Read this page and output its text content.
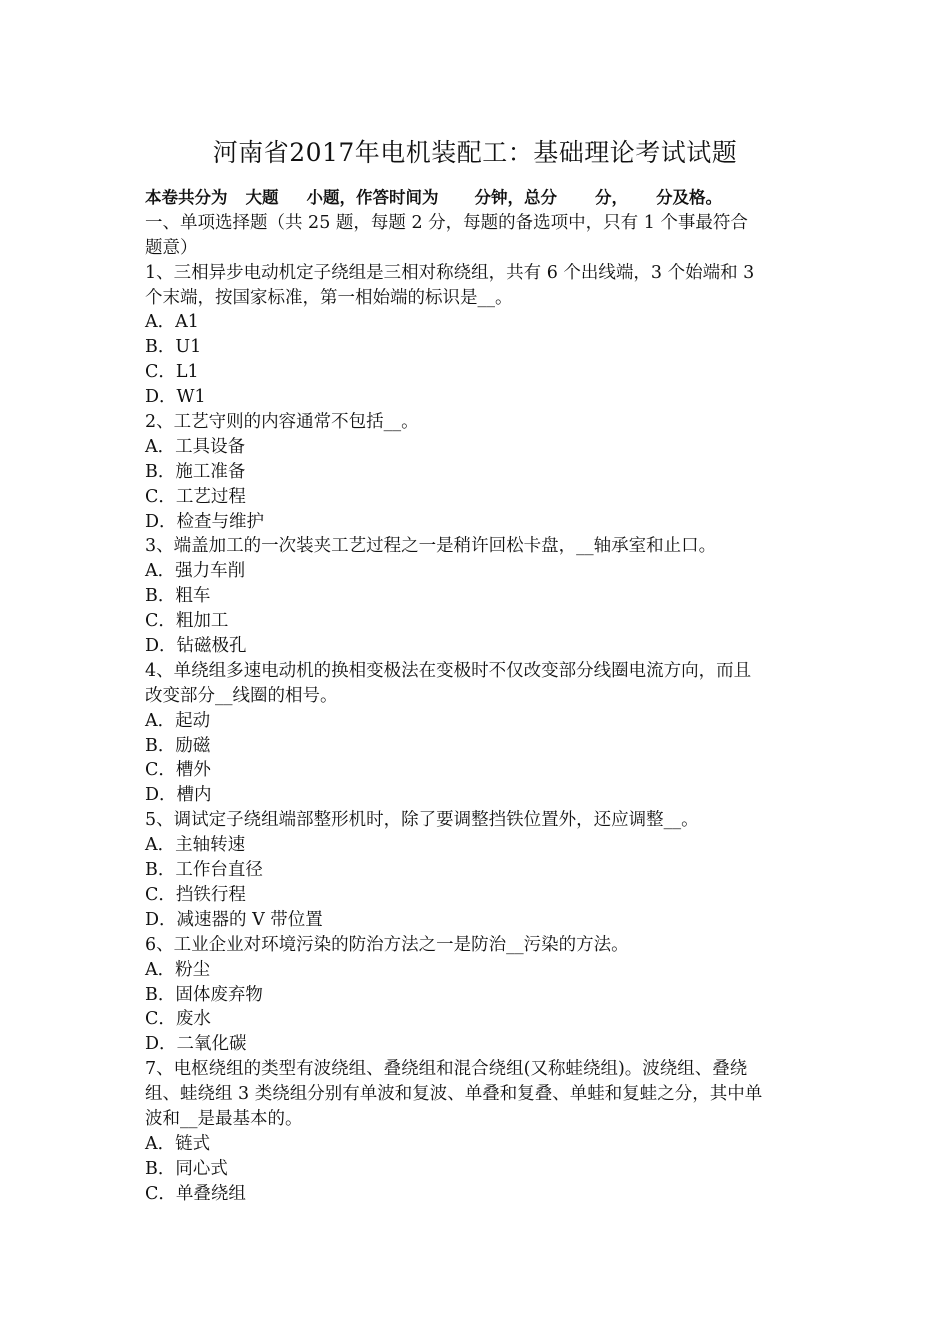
河南省2017年电机装配工：基础理论考试试题
本卷共分为 大题 小题，作答时间为 分钟，总分 分， 分及格。
一、单项选择题（共 25 题，每题 2 分，每题的备选项中，只有 1 个事最符合
题意）
1、三相异步电动机定子绕组是三相对称绕组，共有 6 个出线端，3 个始端和 3
个末端，按国家标准，第一相始端的标识是__。
A．A1
B．U1
C．L1
D．W1
2、工艺守则的内容通常不包括__。
A．工具设备
B．施工准备
C．工艺过程
D．检查与维护
3、端盖加工的一次装夹工艺过程之一是稍许回松卡盘，__轴承室和止口。
A．强力车削
B．粗车
C．粗加工
D．钻磁极孔
4、单绕组多速电动机的换相变极法在变极时不仅改变部分线圈电流方向，而且
改变部分__线圈的相号。
A．起动
B．励磁
C．槽外
D．槽内
5、调试定子绕组端部整形机时，除了要调整挡铁位置外，还应调整__。
A．主轴转速
B．工作台直径
C．挡铁行程
D．减速器的 V 带位置
6、工业企业对环境污染的防治方法之一是防治__污染的方法。
A．粉尘
B．固体废弃物
C．废水
D．二氧化碳
7、电枢绕组的类型有波绕组、叠绕组和混合绕组(又称蛙绕组)。波绕组、叠绕
组、蛙绕组 3 类绕组分别有单波和复波、单叠和复叠、单蛙和复蛙之分，其中单
波和__是最基本的。
A．链式
B．同心式
C．单叠绕组
